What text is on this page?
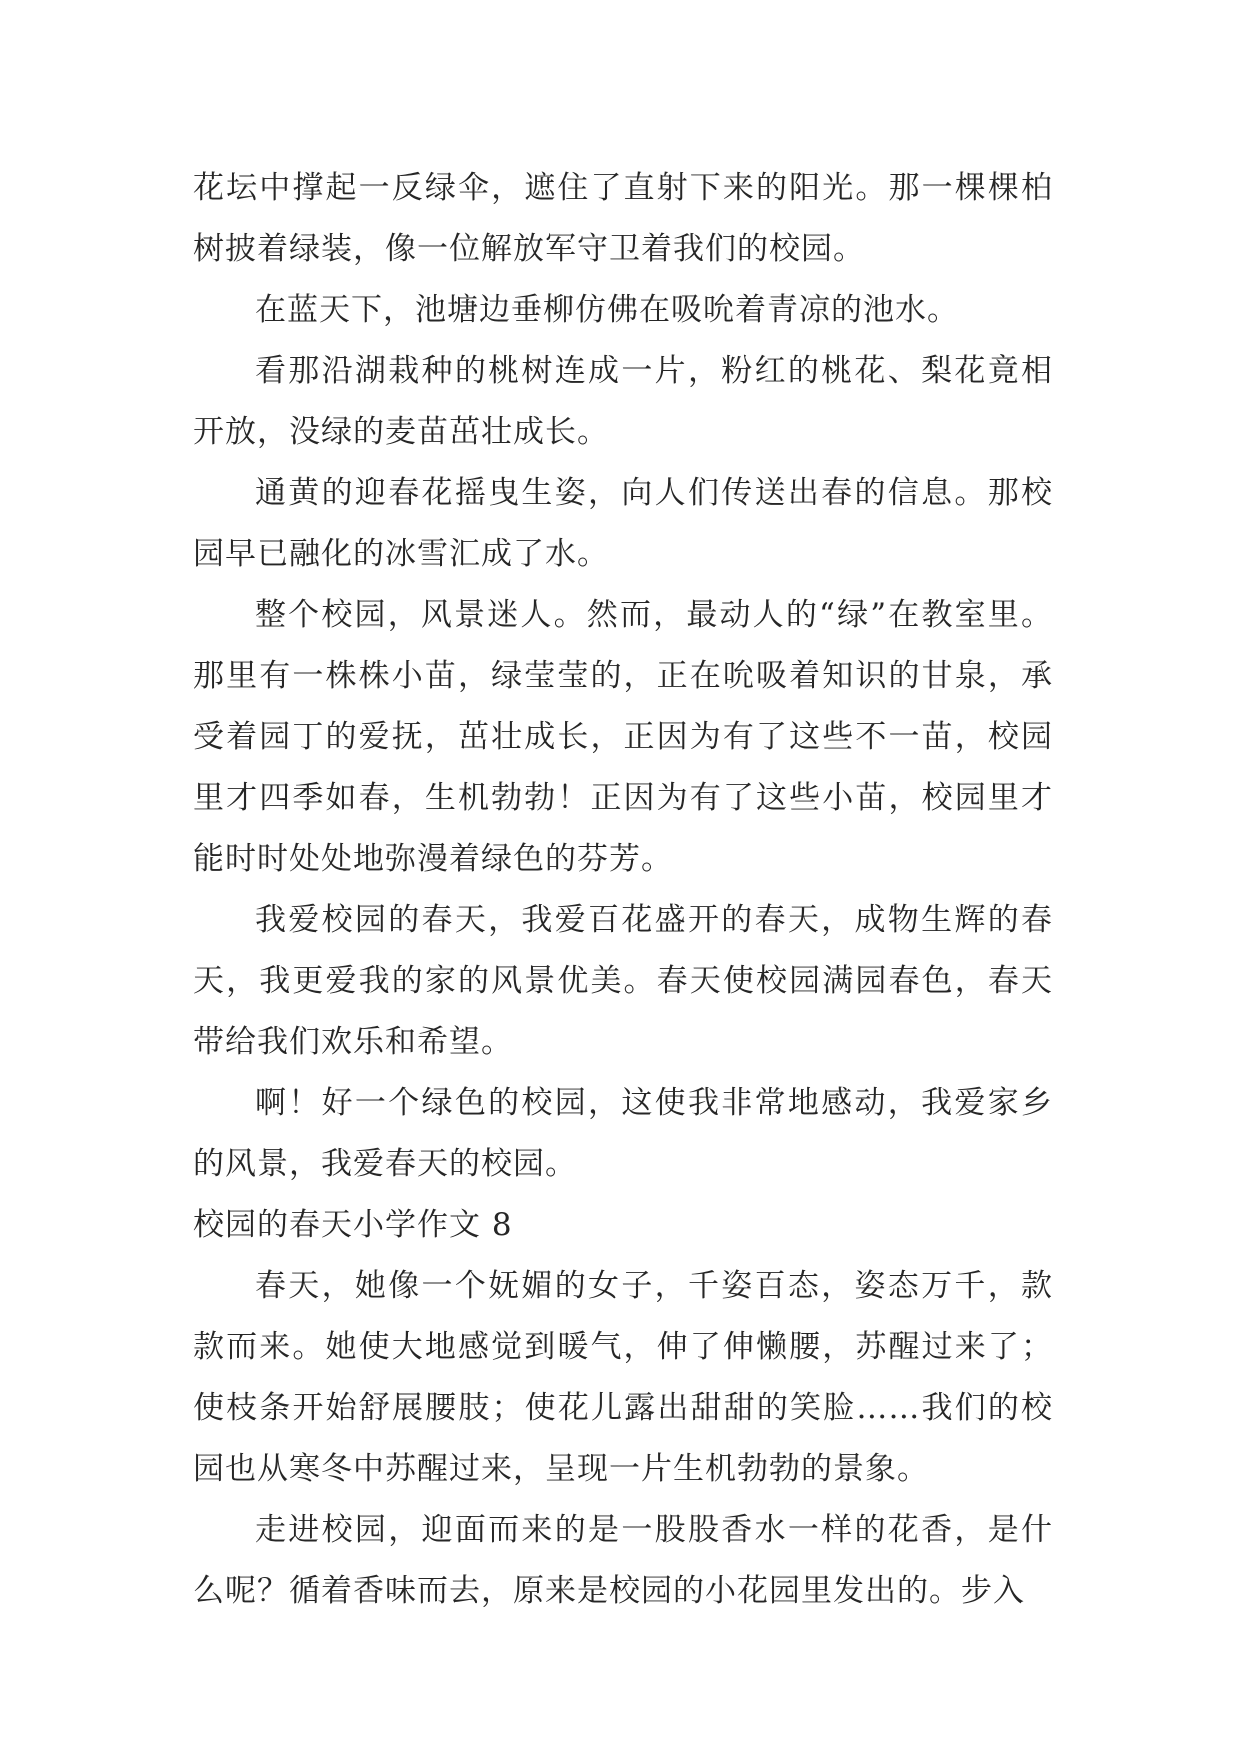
花坛中撑起一反绿伞，遮住了直射下来的阳光。那一棵棵柏树披着绿装，像一位解放军守卫着我们的校园。

在蓝天下，池塘边垂柳仿佛在吸吮着青凉的池水。

看那沿湖栽种的桃树连成一片，粉红的桃花、梨花竟相开放，没绿的麦苗茁壮成长。

通黄的迎春花摇曳生姿，向人们传送出春的信息。那校园早已融化的冰雪汇成了水。

整个校园，风景迷人。然而，最动人的“绿”在教室里。那里有一株株小苗，绿莹莹的，正在吮吸着知识的甘泉，承受着园丁的爱抚，茁壮成长，正因为有了这些不一苗，校园里才四季如春，生机勃勃！正因为有了这些小苗，校园里才能时时处处地弥漫着绿色的芬芳。

我爱校园的春天，我爱百花盛开的春天，成物生辉的春天，我更爱我的家的风景优美。春天使校园满园春色，春天带给我们欢乐和希望。

啊！好一个绿色的校园，这使我非常地感动，我爱家乡的风景，我爱春天的校园。

校园的春天小学作文 8

春天，她像一个妩媚的女子，千姿百态，姿态万千，款款而来。她使大地感觉到暖气，伸了伸懒腰，苏醒过来了；使枝条开始舒展腰肢；使花儿露出甜甜的笑脸……我们的校园也从寒冬中苏醒过来，呈现一片生机勃勃的景象。

走进校园，迎面而来的是一股股香水一样的花香，是什么呢？循着香味而去，原来是校园的小花园里发出的。步入
